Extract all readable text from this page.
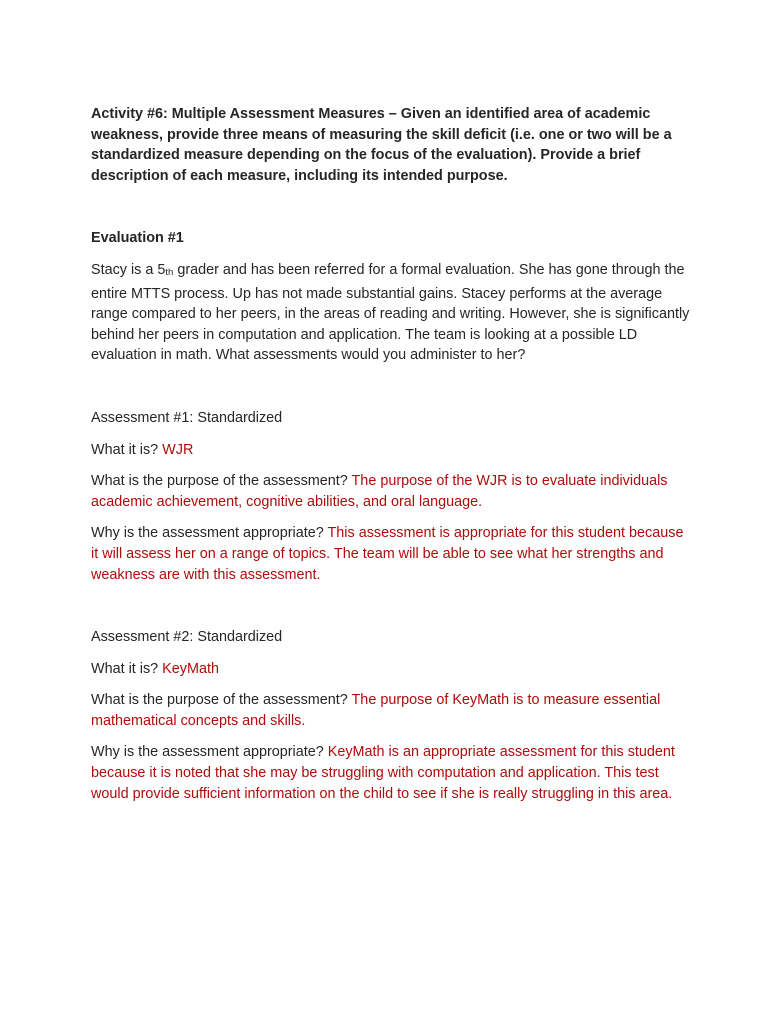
Activity #6: Multiple Assessment Measures – Given an identified area of academic weakness, provide three means of measuring the skill deficit (i.e. one or two will be a standardized measure depending on the focus of the evaluation). Provide a brief description of each measure, including its intended purpose.

Evaluation #1

Stacy is a $5_{th}$ grader and has been referred for a formal evaluation. She has gone through the entire MTTS process. Up has not made substantial gains. Stacey performs at the average range compared to her peers, in the areas of reading and writing. However, she is significantly behind her peers in computation and application. The team is looking at a possible LD evaluation in math. What assessments would you administer to her?

Assessment #1: Standardized

What it is? WJR

What is the purpose of the assessment? The purpose of the WJR is to evaluate individuals academic achievement, cognitive abilities, and oral language.

Why is the assessment appropriate? This assessment is appropriate for this student because it will assess her on a range of topics. The team will be able to see what her strengths and weakness are with this assessment.

Assessment #2: Standardized

What it is? KeyMath

What is the purpose of the assessment? The purpose of KeyMath is to measure essential mathematical concepts and skills.

Why is the assessment appropriate? KeyMath is an appropriate assessment for this student because it is noted that she may be struggling with computation and application. This test would provide sufficient information on the child to see if she is really struggling in this area.
